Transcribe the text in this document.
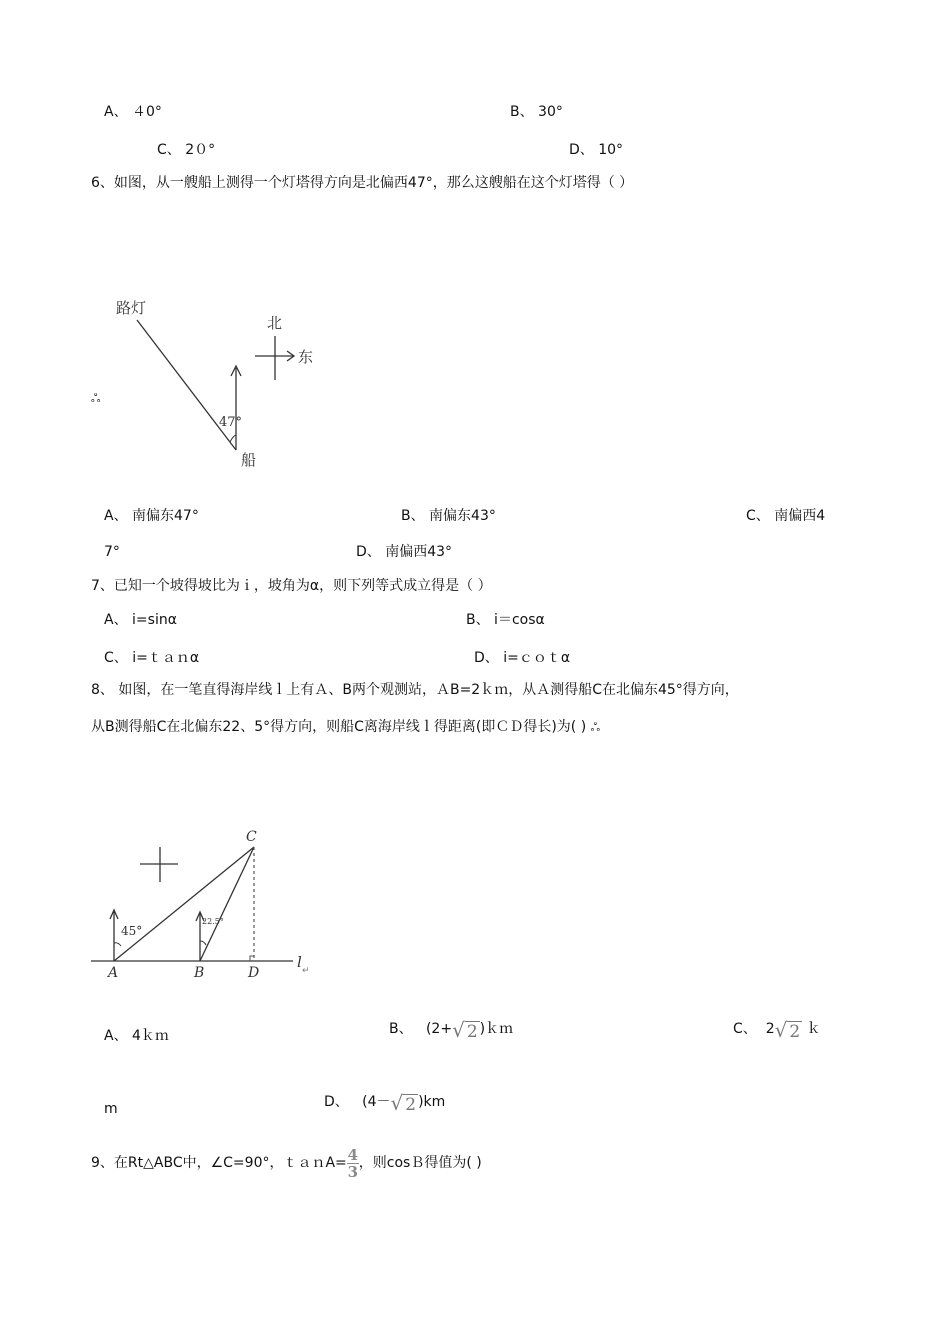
A、 ４0°	B、 30°
C、 2０°	D、 10°
6、如图，从一艘船上测得一个灯塔得方向是北偏西47°，那么这艘船在这个灯塔得（ ）
路灯
47°
船
北
东
ஃ
A、 南偏东47°	B、 南偏东43°	C、 南偏西4
7°	D、 南偏西43°
7、已知一个坡得坡比为ｉ，坡角为α，则下列等式成立得是（ ）
A、 i=sinα	B、 i＝cosα
C、 i=ｔａｎα	D、 i=ｃｏｔα
8、 如图，在一笔直得海岸线ｌ上有Ａ、B两个观测站，ＡB=2ｋｍ，从Ａ测得船C在北偏东45°得方向，
从B测得船C在北偏东22、5°得方向，则船C离海岸线ｌ得距离(即ＣＤ得长)为( ) ஃ
l ↵
45°
22.5°
A	B
C
D
A、 4ｋｍ	B、 (2+√ 2 )ｋｍ	C、 2√ 2 ｋ
m	D、 (4－√ 2 )km
9、在Rt△ABC中，∠C=90°，ｔａｎA= $\frac{4}{3}$ ，则cosＢ得值为( )
